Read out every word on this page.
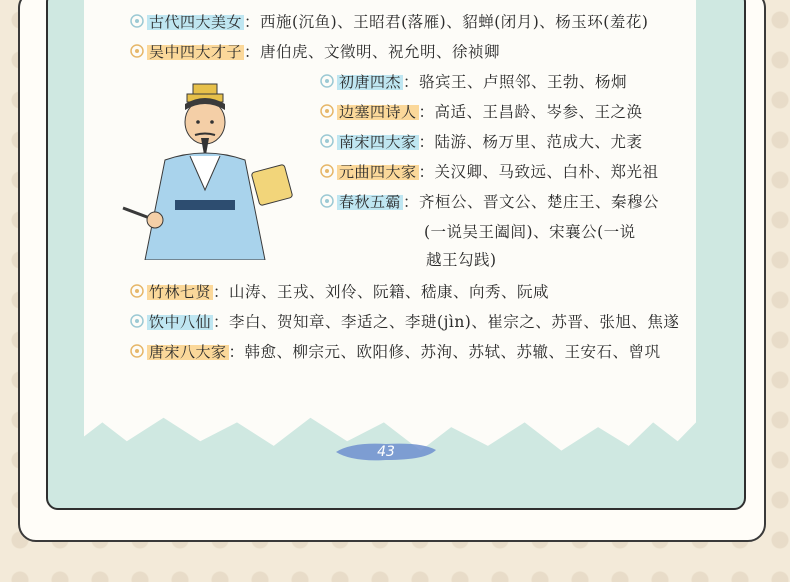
古代四大美女 ：西施(沉鱼)、王昭君(落雁)、貂蝉(闭月)、杨玉环(羞花)
吴中四大才子 ：唐伯虎、文徵明、祝允明、徐祯卿
初唐四杰 ：骆宾王、卢照邻、王勃、杨炯
边塞四诗人 ：高适、王昌龄、岑参、王之涣
南宋四大家 ：陆游、杨万里、范成大、尤袤
元曲四大家 ：关汉卿、马致远、白朴、郑光祖
春秋五霸 ：齐桓公、晋文公、楚庄王、秦穆公
(一说吴王阖闾)、宋襄公(一说
越王勾践)
竹林七贤 ：山涛、王戎、刘伶、阮籍、嵇康、向秀、阮咸
饮中八仙 ：李白、贺知章、李适之、李琎(jìn)、崔宗之、苏晋、张旭、焦遂
唐宋八大家 ：韩愈、柳宗元、欧阳修、苏洵、苏轼、苏辙、王安石、曾巩
43
